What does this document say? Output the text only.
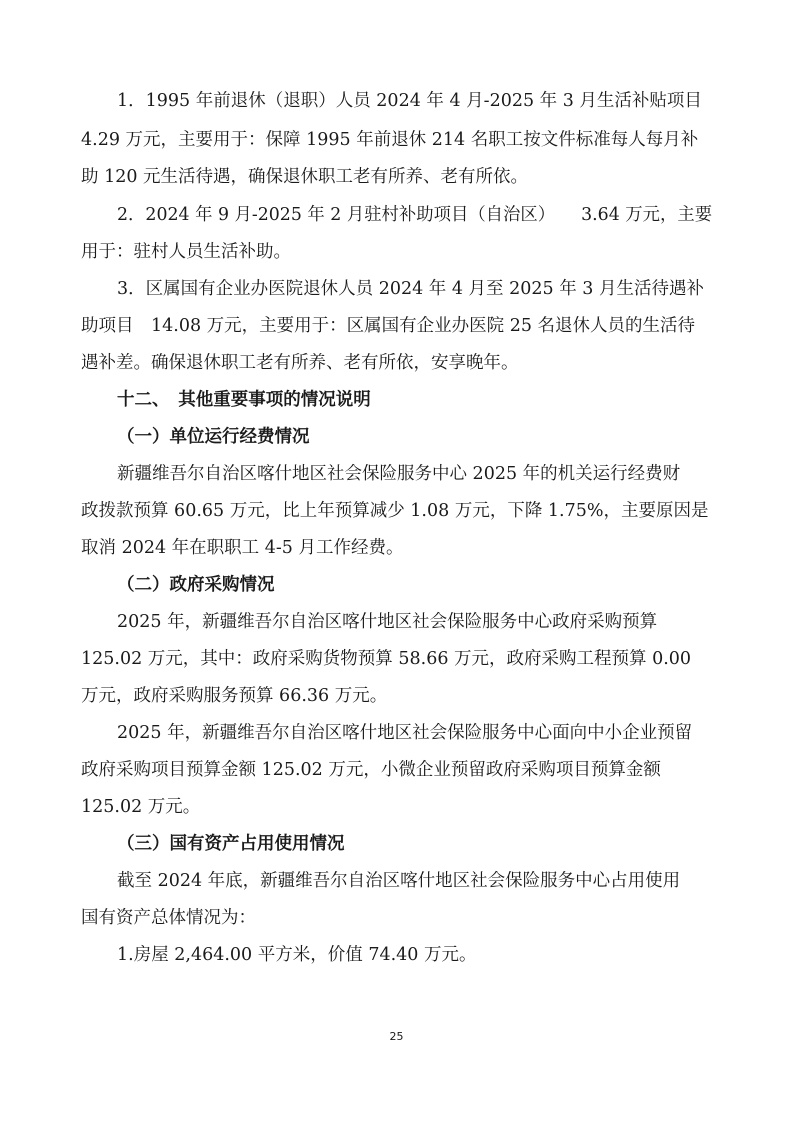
1．1995 年前退休（退职）人员 2024 年 4 月-2025 年 3 月生活补贴项目

4.29 万元，主要用于：保障 1995 年前退休 214 名职工按文件标准每人每月补

助 120 元生活待遇，确保退休职工老有所养、老有所依。

2．2024 年 9 月-2025 年 2 月驻村补助项目（自治区）　　3.64 万元，主要

用于：驻村人员生活补助。

3．区属国有企业办医院退休人员 2024 年 4 月至 2025 年 3 月生活待遇补

助项目　14.08 万元，主要用于：区属国有企业办医院 25 名退休人员的生活待

遇补差。确保退休职工老有所养、老有所依，安享晚年。

十二、　其他重要事项的情况说明

（一）单位运行经费情况

新疆维吾尔自治区喀什地区社会保险服务中心 2025 年的机关运行经费财

政拨款预算 60.65 万元，比上年预算减少 1.08 万元，下降 1.75%，主要原因是

取消 2024 年在职职工 4-5 月工作经费。

（二）政府采购情况

2025 年，新疆维吾尔自治区喀什地区社会保险服务中心政府采购预算

125.02 万元，其中：政府采购货物预算 58.66 万元，政府采购工程预算 0.00

万元，政府采购服务预算 66.36 万元。

2025 年，新疆维吾尔自治区喀什地区社会保险服务中心面向中小企业预留

政府采购项目预算金额 125.02 万元，小微企业预留政府采购项目预算金额

125.02 万元。

（三）国有资产占用使用情况

截至 2024 年底，新疆维吾尔自治区喀什地区社会保险服务中心占用使用

国有资产总体情况为：

1.房屋 2,464.00 平方米，价值 74.40 万元。

25
